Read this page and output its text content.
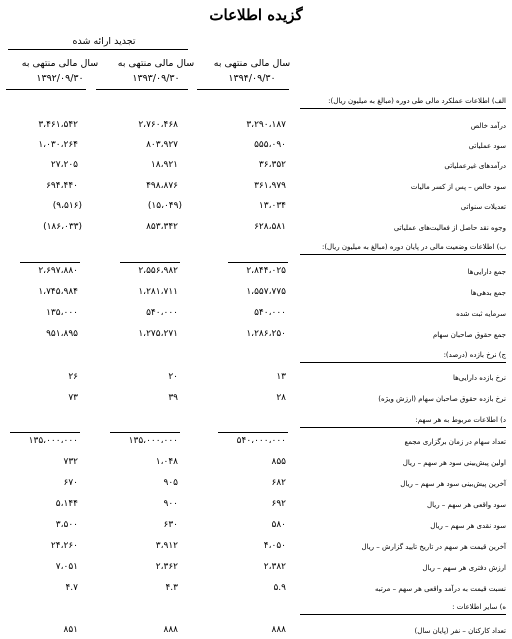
گزیده اطلاعات
تجدید ارائه شده
سال مالی منتهی به
۱۳۹۴/۰۹/۳۰
سال مالی منتهی به
۱۳۹۳/۰۹/۳۰
سال مالی منتهی به
۱۳۹۲/۰۹/۳۰
الف) اطلاعات عملکرد مالی طی دوره (مبالغ به میلیون ریال):
ب) اطلاعات وضعیت مالی در پایان دوره (مبالغ به میلیون ریال):
ج) نرخ بازده (درصد):
د) اطلاعات مربوط به هر سهم:
ه) سایر اطلاعات :
درآمد خالص
سود عملیاتی
درآمدهای غیرعملیاتی
سود خالص – پس از کسر مالیات
تعدیلات سنواتی
وجوه نقد حاصل از فعالیت‌های عملیاتی
جمع دارایی‌ها
جمع بدهی‌ها
سرمایه ثبت شده
جمع حقوق صاحبان سهام
نرخ بازده دارایی‌ها
نرخ بازده حقوق صاحبان سهام (ارزش ویژه)
تعداد سهام در زمان برگزاری مجمع
اولین پیش‌بینی سود هر سهم – ریال
آخرین پیش‌بینی سود هر سهم – ریال
سود واقعی هر سهم – ریال
سود نقدی هر سهم – ریال
آخرین قیمت هر سهم در تاریخ تایید گزارش – ریال
ارزش دفتری هر سهم – ریال
نسبت قیمت به درآمد واقعی هر سهم – مرتبه
تعداد کارکنان – نفر (پایان سال)
۳،۲۹۰،۱۸۷
۲،۷۶۰،۴۶۸
۳،۴۶۱،۵۴۲
۵۵۵،۰۹۰
۸۰۳،۹۲۷
۱،۰۳۰،۲۶۴
۳۶،۳۵۲
۱۸،۹۲۱
۲۷،۲۰۵
۳۶۱،۹۷۹
۴۹۸،۸۷۶
۶۹۴،۴۴۰
۱۳،۰۳۴
(۱۵،۰۴۹)
(۹،۵۱۶)
۶۲۸،۵۸۱
۸۵۳،۳۴۲
(۱۸۶،۰۳۳)
۲،۸۴۴،۰۲۵
۲،۵۵۶،۹۸۲
۲،۶۹۷،۸۸۰
۱،۵۵۷،۷۷۵
۱،۲۸۱،۷۱۱
۱،۷۴۵،۹۸۴
۵۴۰،۰۰۰
۵۴۰،۰۰۰
۱۳۵،۰۰۰
۱،۲۸۶،۲۵۰
۱،۲۷۵،۲۷۱
۹۵۱،۸۹۵
۱۳
۲۰
۲۶
۲۸
۳۹
۷۳
۵۴۰،۰۰۰،۰۰۰
۱۳۵،۰۰۰،۰۰۰
۱۳۵،۰۰۰،۰۰۰
۸۵۵
۱،۰۴۸
۷۳۲
۶۸۲
۹۰۵
۶۷۰
۶۹۲
۹۰۰
۵،۱۴۴
۵۸۰
۶۳۰
۳،۵۰۰
۴،۰۵۰
۳،۹۱۲
۲۴،۲۶۰
۲،۳۸۲
۲،۳۶۲
۷،۰۵۱
۵.۹
۴.۳
۴.۷
۸۸۸
۸۸۸
۸۵۱
